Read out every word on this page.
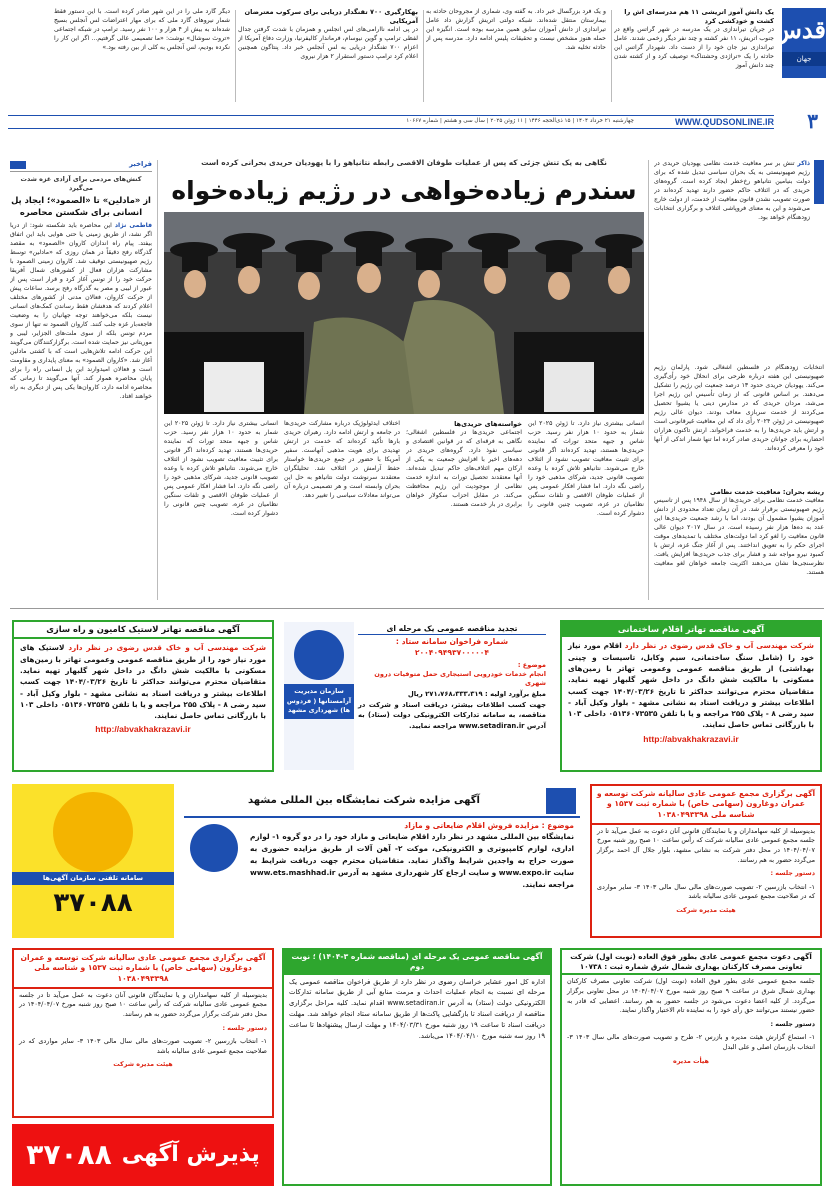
قدس
جهان
۳
یک دانش آموز اتریشی ۱۱ هم مدرسه‌ای اش را کشت و خودکشی کرد
در جریان تیراندازی در یک مدرسه در شهر گراتس واقع در جنوب اتریش، ۱۱ نفر کشته و چند نفر دیگر زخمی شدند. عامل تیراندازی نیز جان خود را از دست داد. شهردار گراتس این حادثه را یک «تراژدی وحشتناک» توصیف کرد و از کشته شدن چند دانش آموز
و یک فرد بزرگسال خبر داد. به گفته وی، شماری از مجروحان حادثه به بیمارستان منتقل شده‌اند. شبکه دولتی اتریش گزارش داد عامل تیراندازی از دانش آموزان سابق همین مدرسه بوده است. انگیزه این حمله هنوز مشخص نیست و تحقیقات پلیس ادامه دارد. مدرسه پس از حادثه تخلیه شد.
بهکارگیری ۷۰۰ تفنگدار دریایی برای سرکوب معترضان آمریکایی
در پی ادامه ناآرامی‌های لس آنجلس و همزمان با شدت گرفتن جدال لفظی ترامپ و گوین نیوسام، فرماندار کالیفرنیا، وزارت دفاع آمریکا از اعزام ۷۰۰ تفنگدار دریایی به لس آنجلس خبر داد. پنتاگون همچنین اعلام کرد ترامپ دستور استقرار ۲ هزار نیروی
دیگر گارد ملی را در این شهر صادر کرده است. با این دستور فقط شمار نیروهای گارد ملی که برای مهار اعتراضات لس آنجلس بسیج شده‌اند به بیش از ۴ هزار و ۱۰۰ نفر رسید. ترامپ در شبکه اجتماعی «تروث سوشال» نوشت: «ما تصمیمی عالی گرفتیم... اگر این کار را نکرده بودیم، لس آنجلس به کلی از بین رفته بود.»
WWW.QUDSONLINE.IR
چهارشنبه ۲۱ خرداد ۱۴۰۴ | ۱۵ ذی‌الحجه ۱۴۴۶ | ۱۱ ژوئن ۲۰۲۵ | سال سی و هشتم | شماره ۱۰۶۶۷
ذاکر تنش بر سر معافیت خدمت نظامی یهودیان حریدی در رژیم صهیونیستی به یک بحران سیاسی تبدیل شده که برای دولت بنیامین نتانیاهو رخ‌خطر ایجاد کرده است. گروه‌های حریدی که در ائتلاف حاکم حضور دارند تهدید کرده‌اند در صورت تصویب نشدن قانون معافیت از خدمت، از دولت خارج می‌شوند و این به معنای فروپاشی ائتلاف و برگزاری انتخابات زودهنگام خواهد بود.
انتخابات زودهنگام در فلسطین اشغالی شود. پارلمان رژیم صهیونیستی این هفته درباره طرحی برای انحلال خود رأی‌گیری می‌کند. یهودیان حریدی حدود ۱۳ درصد جمعیت این رژیم را تشکیل می‌دهند. بر اساس قانونی که از زمان تأسیس این رژیم اجرا می‌شد، مردان حریدی که در مدارس دینی یا یشیوا تحصیل می‌کردند از خدمت سربازی معاف بودند. دیوان عالی رژیم صهیونیستی در ژوئن ۲۰۲۴ رأی داد که این معافیت غیرقانونی است و ارتش باید حریدی‌ها را به خدمت فراخواند. ارتش تاکنون هزاران احضاریه برای جوانان حریدی صادر کرده اما تنها شمار اندکی از آنها خود را معرفی کرده‌اند.
ریشه بحران: معافیت خدمت نظامی
معافیت خدمت نظامی برای حریدی‌ها از سال ۱۹۴۸ پس از تأسیس رژیم صهیونیستی برقرار شد. در آن زمان تعداد محدودی از دانش آموزان یشیوا مشمول آن بودند، اما با رشد جمعیت حریدی‌ها این عدد به ده‌ها هزار نفر رسیده است. در سال ۲۰۱۷ دیوان عالی قانون معافیت را لغو کرد اما دولت‌های مختلف با تمدیدهای موقت اجرای حکم را به تعویق انداختند. پس از آغاز جنگ غزه، ارتش با کمبود نیرو مواجه شد و فشار برای جذب حریدی‌ها افزایش یافت. نظرسنجی‌ها نشان می‌دهند اکثریت جامعه خواهان لغو معافیت هستند.
نگاهی به یک تنش جزئی که پس از عملیات طوفان الاقصی رابطه نتانیاهو را با یهودیان حریدی بحرانی کرده است
سندرم زیاده‌خواهی در رژیم زیاده‌خواه
انسانی بیشتری نیاز دارد. تا ژوئن ۲۰۲۵ این شمار به حدود ۱۰ هزار نفر رسید. حزب شاس و جبهه متحد تورات که نماینده حریدی‌ها هستند، تهدید کرده‌اند اگر قانونی برای تثبیت معافیت تصویب نشود از ائتلاف خارج می‌شوند. نتانیاهو تلاش کرده با وعده تصویب قانونی جدید، شرکای مذهبی خود را راضی نگه دارد. اما فشار افکار عمومی پس از عملیات طوفان الاقصی و تلفات سنگین نظامیان در غزه، تصویب چنین قانونی را دشوار کرده است.
خواسته‌های حریدی‌ها
اجتماعی حریدی‌ها در فلسطین اشغالی؛ نگاهی به فرقه‌ای که در قوانین اقتصادی و سیاسی نفوذ دارد. گروه‌های حریدی در دهه‌های اخیر با افزایش جمعیت به یکی از ارکان مهم ائتلاف‌های حاکم تبدیل شده‌اند. آنها معتقدند تحصیل تورات به اندازه خدمت نظامی از موجودیت این رژیم محافظت می‌کند. در مقابل احزاب سکولار خواهان برابری در بار خدمت هستند.
اختلاف ایدئولوژیک درباره مشارکت حریدی‌ها در جامعه و ارتش ادامه دارد. رهبران حریدی بارها تأکید کرده‌اند که خدمت در ارتش تهدیدی برای هویت مذهبی آنهاست. سفیر آمریکا با حضور در جمع حریدی‌ها خواستار حفظ آرامش در ائتلاف شد. تحلیلگران معتقدند سرنوشت دولت نتانیاهو به حل این بحران وابسته است و هر تصمیمی درباره آن می‌تواند معادلات سیاسی را تغییر دهد.
انسانی بیشتری نیاز دارد. تا ژوئن ۲۰۲۵ این شمار به حدود ۱۰ هزار نفر رسید. حزب شاس و جبهه متحد تورات که نماینده حریدی‌ها هستند، تهدید کرده‌اند اگر قانونی برای تثبیت معافیت تصویب نشود از ائتلاف خارج می‌شوند. نتانیاهو تلاش کرده با وعده تصویب قانونی جدید، شرکای مذهبی خود را راضی نگه دارد. اما فشار افکار عمومی پس از عملیات طوفان الاقصی و تلفات سنگین نظامیان در غزه، تصویب چنین قانونی را دشوار کرده است.
فراخبر
کنش‌های مردمی برای آزادی غزه شدت می‌گیرد
از «مادلین» تا «الصمود»؛ ایجاد پل انسانی برای شکستن محاصره
فاطمی نژاد این محاصره باید شکسته شود: از دریا اگر نشد، از طریق زمینی یا حتی هوایی باید این اتفاق بیفتد. پیام راه اندازان کاروان «الصمود» به مقصد گذرگاه رفح دقیقاً در همان روزی که «مادلین» توسط رژیم صهیونیستی توقیف شد. کاروان زمینی الصمود با مشارکت هزاران فعال از کشورهای شمال آفریقا حرکت خود را از تونس آغاز کرد و قرار است پس از عبور از لیبی و مصر به گذرگاه رفح برسد. ساعات پیش از حرکت کاروان، فعالان مدنی از کشورهای مختلف اعلام کردند که هدفشان فقط رساندن کمک‌های انسانی نیست بلکه می‌خواهند توجه جهانیان را به وضعیت فاجعه‌بار غزه جلب کنند. کاروان الصمود نه تنها از سوی مردم تونس بلکه از سوی ملت‌های الجزایر، لیبی و موریتانی نیز حمایت شده است. برگزارکنندگان می‌گویند این حرکت ادامه تلاش‌هایی است که با کشتی مادلین آغاز شد. «کاروان الصمود» به معنای پایداری و مقاومت است و فعالان امیدوارند این پل انسانی راه را برای پایان محاصره هموار کند. آنها می‌گویند تا زمانی که محاصره ادامه دارد، کاروان‌ها یکی پس از دیگری به راه خواهند افتاد.
آگهی مناقصه تهاتر اقلام ساختمانی
شرکت مهندسی آب و خاک قدس رضوی در نظر دارد اقلام مورد نیاز خود را (شامل سنگ ساختمانی، سیم وکابل، تاسیسات و چینی بهداشتی) از طریق مناقصه عمومی وعمومی تهاتر با زمین‌های مسکونی با مالکیت شش دانگ در داخل شهر گلبهار تهیه نماید. متقاضیان محترم می‌توانند حداکثر تا تاریخ ۱۴۰۴/۰۳/۲۶ جهت کسب اطلاعات بیشتر و دریافت اسناد به نشانی مشهد - بلوار وکیل آباد - سید رضی ۸ - پلاک ۲۵۵ مراجعه و یا با تلفن ۰۵۱۳۶۰۷۳۵۳۵ داخلی ۱۰۳ با بازرگانی تماس حاصل نمایند.
http://abvakhakrazavi.ir
تجدید مناقصه عمومی یک مرحله ای
شماره فراخوان سامانه ستاد : ۲۰۰۴۰۹۴۹۳۷۰۰۰۰۰۴
موضوع :
انجام خدمات خودرویی استیجاری حمل متوفیات درون شهری
مبلغ برآورد اولیه : ۲۷۱،۷۶۸،۳۳۳،۳۱۹ ریال
جهت کسب اطلاعات بیشتر، دریافت اسناد و شرکت در مناقصه، به سامانه تدارکات الکترونیکی دولت (ستاد) به آدرس www.setadiran.ir مراجعه نمایید.
سازمان مدیریت آرامستانها ( فردوس ها) شهرداری مشهد
آگهی مناقصه تهاتر لاستیک کامیون و راه سازی
شرکت مهندسی آب و خاک قدس رضوی در نظر دارد لاستیک های مورد نیاز خود را از طریق مناقصه عمومی وعمومی تهاتر با زمین‌های مسکونی با مالکیت شش دانگ در داخل شهر گلبهار تهیه نماید. متقاضیان محترم می‌توانند حداکثر تا تاریخ ۱۴۰۴/۰۳/۲۶ جهت کسب اطلاعات بیشتر و دریافت اسناد به نشانی مشهد - بلوار وکیل آباد - سید رضی ۸ - پلاک ۲۵۵ مراجعه و یا با تلفن ۰۵۱۳۶۰۷۳۵۳۵ داخلی ۱۰۳ با بازرگانی تماس حاصل نمایند.
http://abvakhakrazavi.ir
آگهی برگزاری مجمع عمومی عادی سالیانه شرکت توسعه و عمران دوغارون (سهامی خاص) با شماره ثبت ۱۵۳۷ و شناسه ملی ۱۰۳۸۰۴۹۳۳۹۸
بدینوسیله از کلیه سهامداران و یا نمایندگان قانونی آنان دعوت به عمل می‌آید تا در جلسه مجمع عمومی عادی سالیانه شرکت که رأس ساعت ۱۰ صبح روز شنبه مورخ ۱۴۰۴/۰۴/۰۷ در محل دفتر شرکت به نشانی مشهد، بلوار جلال آل احمد برگزار می‌گردد حضور به هم رسانند.
دستور جلسه :
۱- انتخاب بازرسین ۲- تصویب صورت‌های مالی سال مالی ۱۴۰۳ ۳- سایر مواردی که در صلاحیت مجمع عمومی عادی سالیانه باشد
هیئت مدیره شرکت
آگهی مزایده شرکت نمایشگاه بین المللی مشهد
موضوع : مزایده فروش اقلام ضایعاتی و مازاد
نمایشگاه بین المللی مشهد در نظر دارد اقلام ضایعاتی و مازاد خود را در دو گروه ۱- لوازم اداری، لوازم کامپیوتری و الکترونیکی، موکت ۲- آهن آلات از طریق مزایده حضوری به صورت حراج به واجدین شرایط واگذار نماید. متقاضیان محترم جهت دریافت شرایط به سایت www.expo.ir و سایت ارجاع کار شهرداری مشهد به آدرس www.ets.mashhad.ir مراجعه نمایند.
سامانه تلفنی سازمان آگهی‌ها
۳۷۰۸۸
آگهی دعوت مجمع عمومی عادی بطور فوق العاده (نوبت اول) شرکت تعاونی مصرف کارکنان بهداری شمال شرق شماره ثبت : ۱۰۷۳۸
جلسه مجمع عمومی عادی بطور فوق العاده (نوبت اول) شرکت تعاونی مصرف کارکنان بهداری شمال شرق در ساعت ۹ صبح روز شنبه مورخ ۱۴۰۴/۰۴/۰۷ در محل تعاونی برگزار می‌گردد. از کلیه اعضا دعوت می‌شود در جلسه حضور به هم رسانند. اعضایی که قادر به حضور نیستند می‌توانند حق رأی خود را به نماینده تام الاختیار واگذار نمایند.
دستور جلسه :
۱- استماع گزارش هیئت مدیره و بازرس ۲- طرح و تصویب صورت‌های مالی سال ۱۴۰۳ ۳- انتخاب بازرسان اصلی و علی البدل
هیأت مدیره
آگهی مناقصه عمومی یک مرحله ای (مناقصه شماره ۳-۱۴۰۴) ؛ نوبت دوم
اداره کل امور عشایر خراسان رضوی در نظر دارد از طریق فراخوان مناقصه عمومی یک مرحله ای نسبت به انجام عملیات احداث و مرمت منابع آبی از طریق سامانه تدارکات الکترونیکی دولت (ستاد) به آدرس www.setadiran.ir اقدام نماید. کلیه مراحل برگزاری مناقصه از دریافت اسناد تا بازگشایی پاکت‌ها از طریق سامانه ستاد انجام خواهد شد. مهلت دریافت اسناد تا ساعت ۱۹ روز شنبه مورخ ۱۴۰۴/۰۳/۳۱ و مهلت ارسال پیشنهادها تا ساعت ۱۹ روز سه شنبه مورخ ۱۴۰۴/۰۴/۱۰ می‌باشد.
آگهی برگزاری مجمع عمومی عادی سالیانه شرکت توسعه و عمران دوغارون (سهامی خاص) با شماره ثبت ۱۵۳۷ و شناسه ملی ۱۰۳۸۰۴۹۳۳۹۸
بدینوسیله از کلیه سهامداران و یا نمایندگان قانونی آنان دعوت به عمل می‌آید تا در جلسه مجمع عمومی عادی سالیانه شرکت که رأس ساعت ۱۰ صبح روز شنبه مورخ ۱۴۰۴/۰۴/۰۷ در محل دفتر شرکت برگزار می‌گردد حضور به هم رسانند.
دستور جلسه :
۱- انتخاب بازرسین ۲- تصویب صورت‌های مالی سال مالی ۱۴۰۳ ۳- سایر مواردی که در صلاحیت مجمع عمومی عادی سالیانه باشد
هیئت مدیره شرکت
پذیرش آگهی
۳۷۰۸۸
